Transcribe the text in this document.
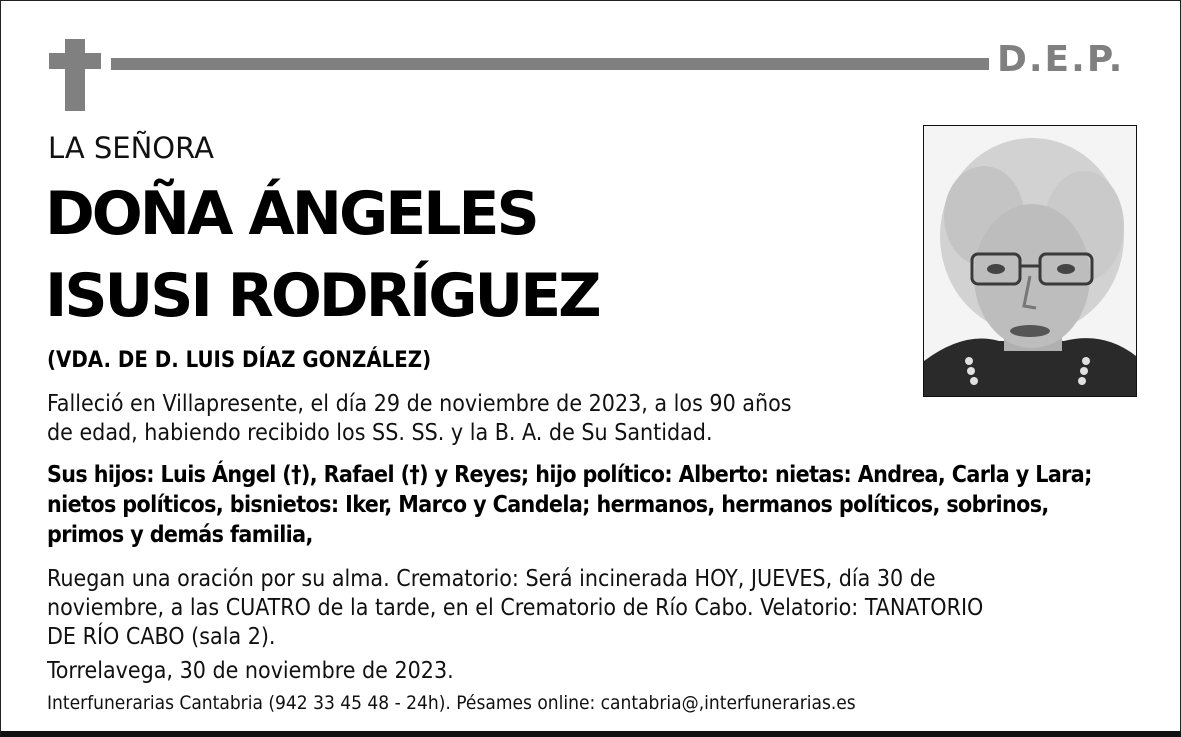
D.E.P.
LA SEÑORA
DOÑA ÁNGELES
ISUSI RODRÍGUEZ
(VDA. DE D. LUIS DÍAZ GONZÁLEZ)
Falleció en Villapresente, el día 29 de noviembre de 2023, a los 90 años
de edad, habiendo recibido los SS. SS. y la B. A. de Su Santidad.
Sus hijos: Luis Ángel (†), Rafael (†) y Reyes; hijo político: Alberto: nietas: Andrea, Carla y Lara;
nietos políticos, bisnietos: Iker, Marco y Candela; hermanos, hermanos políticos, sobrinos,
primos y demás familia,
Ruegan una oración por su alma. Crematorio: Será incinerada HOY, JUEVES, día 30 de
noviembre, a las CUATRO de la tarde, en el Crematorio de Río Cabo. Velatorio: TANATORIO
DE RÍO CABO (sala 2).
Torrelavega, 30 de noviembre de 2023.
Interfunerarias Cantabria (942 33 45 48 - 24h). Pésames online: cantabria@,interfunerarias.es
